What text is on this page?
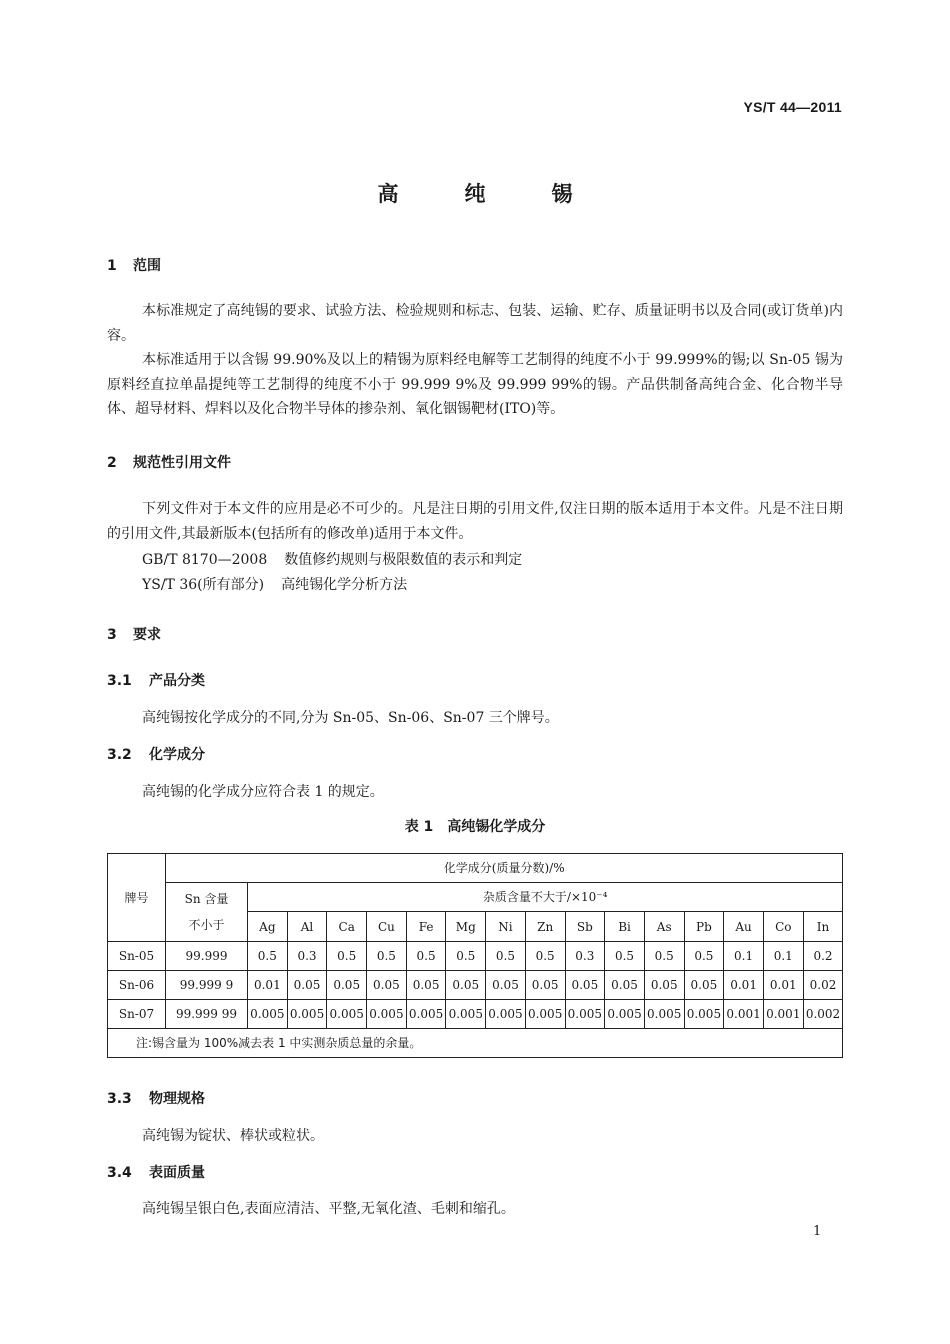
YS/T 44—2011
高	纯	锡
1 范围

本标准规定了高纯锡的要求、试验方法、检验规则和标志、包装、运输、贮存、质量证明书以及合同(或订货单)内容。

本标准适用于以含锡 99.90%及以上的精锡为原料经电解等工艺制得的纯度不小于 99.999%的锡;以 Sn-05 锡为原料经直拉单晶提纯等工艺制得的纯度不小于 99.999 9%及 99.999 99%的锡。产品供制备高纯合金、化合物半导体、超导材料、焊料以及化合物半导体的掺杂剂、氧化铟锡靶材(ITO)等。

2 规范性引用文件

下列文件对于本文件的应用是必不可少的。凡是注日期的引用文件,仅注日期的版本适用于本文件。凡是不注日期的引用文件,其最新版本(包括所有的修改单)适用于本文件。

GB/T 8170—2008 数值修约规则与极限数值的表示和判定
YS/T 36(所有部分) 高纯锡化学分析方法
3 要求
3.1 产品分类
高纯锡按化学成分的不同,分为 Sn-05、Sn-06、Sn-07 三个牌号。
3.2 化学成分
高纯锡的化学成分应符合表 1 的规定。
表 1 高纯锡化学成分
牌号	化学成分(质量分数)/%															

	Sn 含量
不小于	杂质含量不大于/×10⁻⁴														
		Ag	Al	Ca	Cu	Fe	Mg	Ni	Zn	Sb	Bi	As	Pb	Au	Co	In
Sn-05	99.999	0.5	0.3	0.5	0.5	0.5	0.5	0.5	0.5	0.3	0.5	0.5	0.5	0.1	0.1	0.2
Sn-06	99.999 9	0.01	0.05	0.05	0.05	0.05	0.05	0.05	0.05	0.05	0.05	0.05	0.05	0.01	0.01	0.02
Sn-07	99.999 99	0.005	0.005	0.005	0.005	0.005	0.005	0.005	0.005	0.005	0.005	0.005	0.005	0.001	0.001	0.002
注:锡含量为 100%减去表 1 中实测杂质总量的余量。																
3.3 物理规格
高纯锡为锭状、棒状或粒状。
3.4 表面质量
高纯锡呈银白色,表面应清洁、平整,无氧化渣、毛刺和缩孔。
1
